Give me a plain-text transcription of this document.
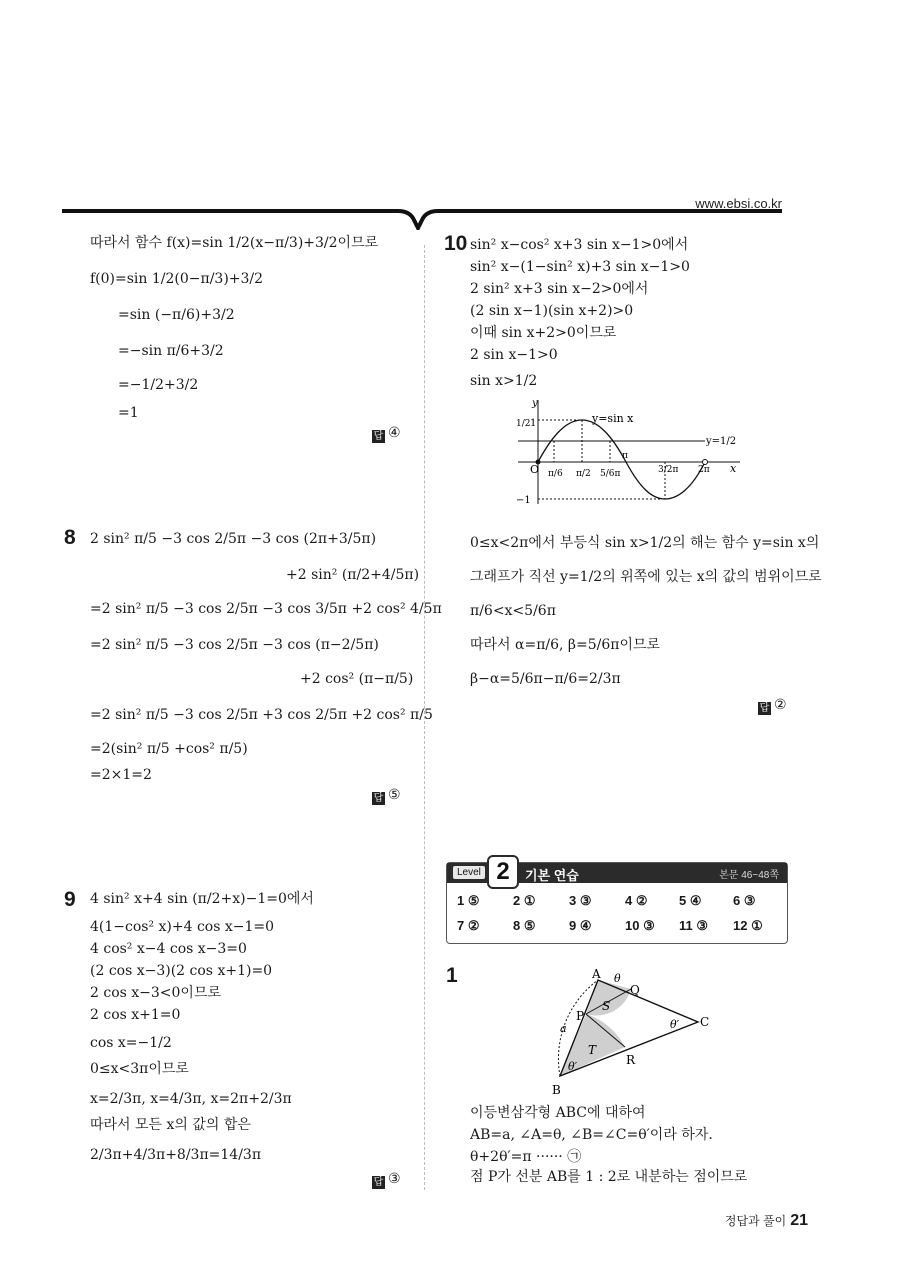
www.ebsi.co.kr
따라서 함수 f(x)=sin 1/2(x−π/3)+3/2이므로
f(0)=sin 1/2(0−π/3)+3/2
=sin (−π/6)+3/2
=−sin π/6+3/2
=−1/2+3/2
=1
답 ④
8 2 sin² π/5 −3 cos 2/5π −3 cos (2π+3/5π)
+2 sin² (π/2+4/5π)
=2 sin² π/5 −3 cos 2/5π −3 cos 3/5π +2 cos² 4/5π
=2 sin² π/5 −3 cos 2/5π −3 cos (π−2/5π)
+2 cos² (π−π/5)
=2 sin² π/5 −3 cos 2/5π +3 cos 2/5π +2 cos² π/5
=2(sin² π/5 +cos² π/5)
=2×1=2
답 ⑤
9 4 sin² x+4 sin (π/2+x)−1=0에서
4(1−cos² x)+4 cos x−1=0
4 cos² x−4 cos x−3=0
(2 cos x−3)(2 cos x+1)=0
2 cos x−3<0이므로
2 cos x+1=0
cos x=−1/2
0≤x<3π이므로
x=2/3π, x=4/3π, x=2π+2/3π
따라서 모든 x의 값의 합은
2/3π+4/3π+8/3π=14/3π
답 ③
10 sin² x−cos² x+3 sin x−1>0에서
sin² x−(1−sin² x)+3 sin x−1>0
2 sin² x+3 sin x−2>0에서
(2 sin x−1)(sin x+2)>0
이때 sin x+2>0이므로
2 sin x−1>0
sin x>1/2
y
x
O
y=sin x
y=1/2
1
1/2
−1
π/6 π/2 5/6π
π
3/2π 2π
0≤x<2π에서 부등식 sin x>1/2의 해는 함수 y=sin x의
그래프가 직선 y=1/2의 위쪽에 있는 x의 값의 범위이므로
π/6<x<5/6π
따라서 α=π/6, β=5/6π이므로
β−α=5/6π−π/6=2/3π
답 ②
Level	기본 연습	본문 46~48쪽
2
1 ⑤	2 ①	3 ③	4 ② 5 ④ 6 ③
7 ②	8 ⑤	9 ④	10 ③ 11 ③ 12 ①
1	A
B
C
P
Q
R
S
T
θ
θ′
θ′
a
이등변삼각형 ABC에 대하여
AB=a, ∠A=θ, ∠B=∠C=θ′이라 하자.
θ+2θ′=π ······ ㉠
점 P가 선분 AB를 1 : 2로 내분하는 점이므로
정답과 풀이 21
